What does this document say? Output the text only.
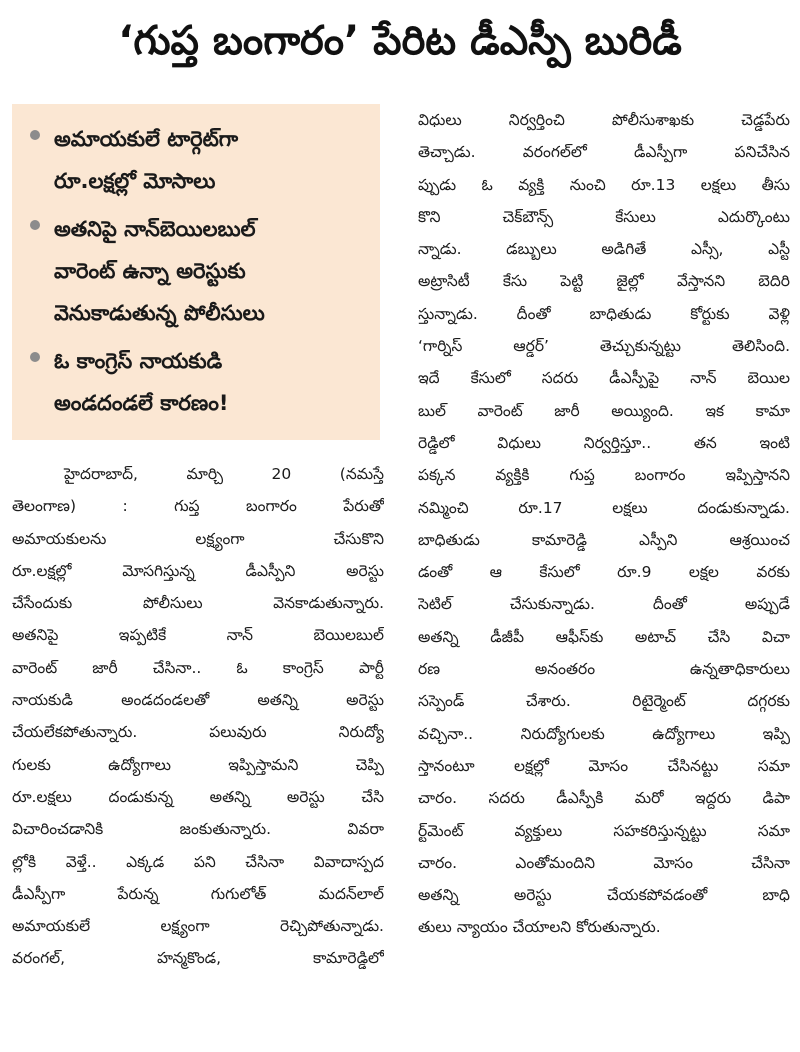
‘గుప్త బంగారం’ పేరిట డీఎస్పీ బురిడీ
అమాయకులే టార్గెట్‌గా
రూ.లక్షల్లో మోసాలు
అతనిపై నాన్‌బెయిలబుల్
వారెంట్ ఉన్నా అరెస్టుకు
వెనుకాడుతున్న పోలీసులు
ఓ కాంగ్రెస్ నాయకుడి
అండదండలే కారణం!
హైదరాబాద్, మార్చి 20 (నమస్తే
తెలంగాణ) : గుప్త బంగారం పేరుతో
అమాయకులను లక్ష్యంగా చేసుకొని
రూ.లక్షల్లో మోసగిస్తున్న డీఎస్పీని అరెస్టు
చేసేందుకు పోలీసులు వెనకాడుతున్నారు.
అతనిపై ఇప్పటికే నాన్ బెయిలబుల్
వారెంట్ జారీ చేసినా.. ఓ కాంగ్రెస్ పార్టీ
నాయకుడి అండదండలతో అతన్ని అరెస్టు
చేయలేకపోతున్నారు. పలువురు నిరుద్యో
గులకు ఉద్యోగాలు ఇప్పిస్తామని చెప్పి
రూ.లక్షలు దండుకున్న అతన్ని అరెస్టు చేసి
విచారించడానికి జంకుతున్నారు. వివరా
ల్లోకి వెళ్తే.. ఎక్కడ పని చేసినా వివాదాస్పద
డీఎస్పీగా పేరున్న గుగులోత్ మదన్‌లాల్
అమాయకులే లక్ష్యంగా రెచ్చిపోతున్నాడు.
వరంగల్, హన్మకొండ, కామారెడ్డిలో
విధులు నిర్వర్తించి పోలీసుశాఖకు చెడ్డపేరు
తెచ్చాడు. వరంగల్‌లో డీఎస్పీగా పనిచేసిన
ప్పుడు ఓ వ్యక్తి నుంచి రూ.13 లక్షలు తీసు
కొని చెక్‌బౌన్స్ కేసులు ఎదుర్కొంటు
న్నాడు. డబ్బులు అడిగితే ఎస్సీ, ఎస్టీ
అట్రాసిటీ కేసు పెట్టి జైల్లో వేస్తానని బెదిరి
స్తున్నాడు. దీంతో బాధితుడు కోర్టుకు వెళ్లి
‘గార్నిస్ ఆర్డర్’ తెచ్చుకున్నట్టు తెలిసింది.
ఇదే కేసులో సదరు డీఎస్పీపై నాన్ బెయిల
బుల్ వారెంట్ జారీ అయ్యింది. ఇక కామా
రెడ్డిలో విధులు నిర్వర్తిస్తూ.. తన ఇంటి
పక్కన వ్యక్తికి గుప్త బంగారం ఇప్పిస్తానని
నమ్మించి రూ.17 లక్షలు దండుకున్నాడు.
బాధితుడు కామారెడ్డి ఎస్పీని ఆశ్రయించ
డంతో ఆ కేసులో రూ.9 లక్షల వరకు
సెటిల్ చేసుకున్నాడు. దీంతో అప్పుడే
అతన్ని డీజీపీ ఆఫీస్‌కు అటాచ్ చేసి విచా
రణ అనంతరం ఉన్నతాధికారులు
సస్పెండ్ చేశారు. రిటైర్మెంట్ దగ్గరకు
వచ్చినా.. నిరుద్యోగులకు ఉద్యోగాలు ఇప్పి
స్తానంటూ లక్షల్లో మోసం చేసినట్టు సమా
చారం. సదరు డీఎస్పీకి మరో ఇద్దరు డిపా
ర్ట్‌మెంట్ వ్యక్తులు సహకరిస్తున్నట్టు సమా
చారం. ఎంతోమందిని మోసం చేసినా
అతన్ని అరెస్టు చేయకపోవడంతో బాధి
తులు న్యాయం చేయాలని కోరుతున్నారు.
